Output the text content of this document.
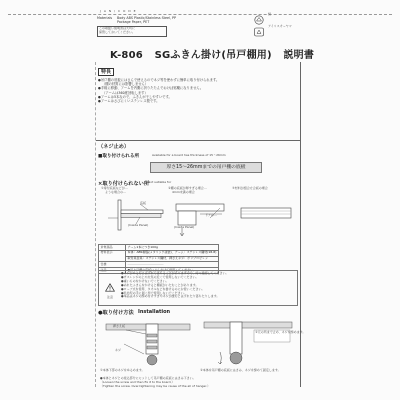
J A N / C O D E
Materials Body ABS Plastic/Stainless Steel, PP
Package Paper, PET
この取扱い説明書は大切に
保管しておいてください。
紙
アイリスオーヤマ
K-806 SGふきん掛け(吊戸棚用) 説明書
特長
●吊戸棚の底板にはさんで使えるのでネジ等を使わずに簡単に取り付けられます。
（棚の材質には影響しません）
●手軽に移動、アームを内側に折りたたんでおけば邪魔になりません。
（アームは360度回転します）
●アームは5本なので、ふきんが干しやすいです。
●アームはさびにくいステンレス製です。
（ネジ止め）
■取り付けられる所	Available for a board has thickness of 15～26mm
厚さ15～26mmまでの吊戸棚の底板
×取り付けられない所
Not suitable for
①扉付底板などが…
ような場合の…
②棚の底板が厚すぎる場合…
4mm未満の場合
③材料が組合せ合板の場合
底板
(Inside Panel)
ドアの…
(Inside Panel)
対象商品	アーム1本につき100g
材料表示	本体：ABS樹脂(メタリック塗装)、アーム：ステンレス鋼材(18-8)
	取付具金具：ステンレス鋼材、押さえネジ：ポリプロピレン
仕様	………………………………
注意	●吊り戸棚の底板にぶらさげて使用してください。
注意
●ネジがゆるむとはずれて落ちることがありますので、時々確認してください。
●ガスレンジの上や火気の近くで使用しないでください。
●重いものをかけないでください。
●ぬれたふきんをかけると棚板がいたむことがあります。
●ローブ式を使用、タオルなどを掛けるのにお使いください。
●乳幼児の手に届く所で使用しないでください。
●本品はネジの締め付けすぎやネジが緩むとはずれたり落ちたりします。
●取り付け方法 Installation
押さえ板
ネジ
②元の所まで止め、ネジを締めます。
①本体下部のネジをゆるめます。	②本体を吊戸棚の底板にはさみ、ネジを締めて固定します。
●本体とネジとの差込部分にセットして吊戸棚の底板にはさみ下さい。
（Loosen the screw and then fix it to the board.）
（Tighten the screw. Over-tightening may be cause of the all of hanger.）
